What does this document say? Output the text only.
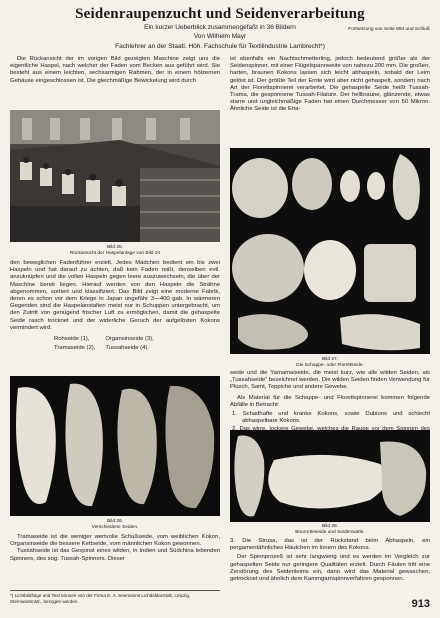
Seidenraupenzucht und Seidenverarbeitung
Ein kurzer Ueberblick zusammengefaßt in 36 Bildern
Von Wilhelm Mayr
Fachlehrer an der Staatl. Höh. Fachschule für Textilindustrie Lambrecht*)
Fortsetzung von Seite 884 und Schluß

Die Rückansicht der im vorigen Bild gezeigten Maschine zeigt uns die eigentliche Haspel, nach welcher der Faden vom Becken aus geführt wird. Sie besteht aus einem leichten, sechsarmigen Rahmen, der in einem hölzernen Gehäuse eingeschlossen ist. Die gleichmäßige Bewickelung wird durch

ist ebenfalls ein Nachtschmetterling, jedoch bedeutend größer als der Seidenspinner, mit einer Flügelspannweite von nahezu 200 mm. Die großen, harten, braunen Kokons lassen sich leicht abhaspeln, sobald der Leim gelöst ist. Der größte Teil der Ernte wird aber nicht gehaspelt, sondern nach Art der Florettspinnerei verarbeitet. Die gehaspelte Seide heißt Tussah-Trama, die gesponnene Tussah-Filature. Der hellbraune, glänzende, etwas starre und ungleichmäßige Faden hat einen Durchmesser von 50 Mikron. Ähnliche Seide ist die Eria-

Bild 25.
Rückansicht der Haspelanlage von Bild 24
Bild 27.
Die Schappe- oder Florettseide.

den beweglichen Fadenführer erzielt. Jedes Mädchen bedient ein bis zwei Haspeln und hat darauf zu achten, daß kein Faden reißt, denselben evtl. anzuknüpfen und die vollen Haspeln gegen leere auszuwechseln, die über der Maschine bereit liegen. Hierauf werden von den Haspeln die Strähne abgenommen, sortiert und klassifiziert. Das Bild zeigt eine moderne Fabrik, deren es schon vor dem Kriege in Japan ungefähr 3—400 gab. In wärmeren Gegenden sind die Haspelanstalten meist nur in Schuppen untergebracht, um den Zutritt von genügend frischer Luft zu ermöglichen, damit die gehaspelte Seide rasch trocknet und der widerliche Geruch der aufgelösten Kokons vermindert wird.

Rohseide (1),	Organsinseide (3),
Tramaseide (2),	Tussahseide (4).

seide und die Yamamaiseide, die meist kurz, wie alle wilden Seiden, als „Tussahseide“ bezeichnet werden. Die wilden Seiden finden Verwendung für Plüsch, Samt, Teppiche und andere Gewebe.

Als Material für die Schappe- und Florettspinnerei kommen folgende Abfälle in Betracht:

1. Schadhafte und kranke Kokons, sowie Dubions und schlecht abhaspelbare Kokons.
Bild 26.
Verschiedene Seiden.

Tramaseide ist die weniger wertvolle Schußseide, vom weiblichen Kokon, Organsinseide die bessere Kettseide, vom männlichen Kokon gewonnen.

Tussahseide ist das Gespinst eines wilden, in Indien und Südchina lebenden Spinners, des sog. Tussah-Spinners. Dieser

Bild 28.
Bourretteseide und Seidenwatte.

3. Die Strusa, das ist der Rückstand beim Abhaspeln, ein pergamentähnliches Häutchen im Innern des Kokons.

Der Spinnprozeß ist sehr langwierig und es werden im Vergleich zur gehaspelten Seide nur geringere Qualitäten erzielt. Durch Fäulen tritt eine Zerstörung des Seidenleims ein, dann wird das Material gewaschen, getrocknet und ähnlich dem Kammgarnspinnverfahren gesponnen.

*) Lichtbildfolge und Text können von der Firma E. A. Seemanns Lichtbildanstalt, Leipzig, Sternwartenstr., bezogen werden.	913
